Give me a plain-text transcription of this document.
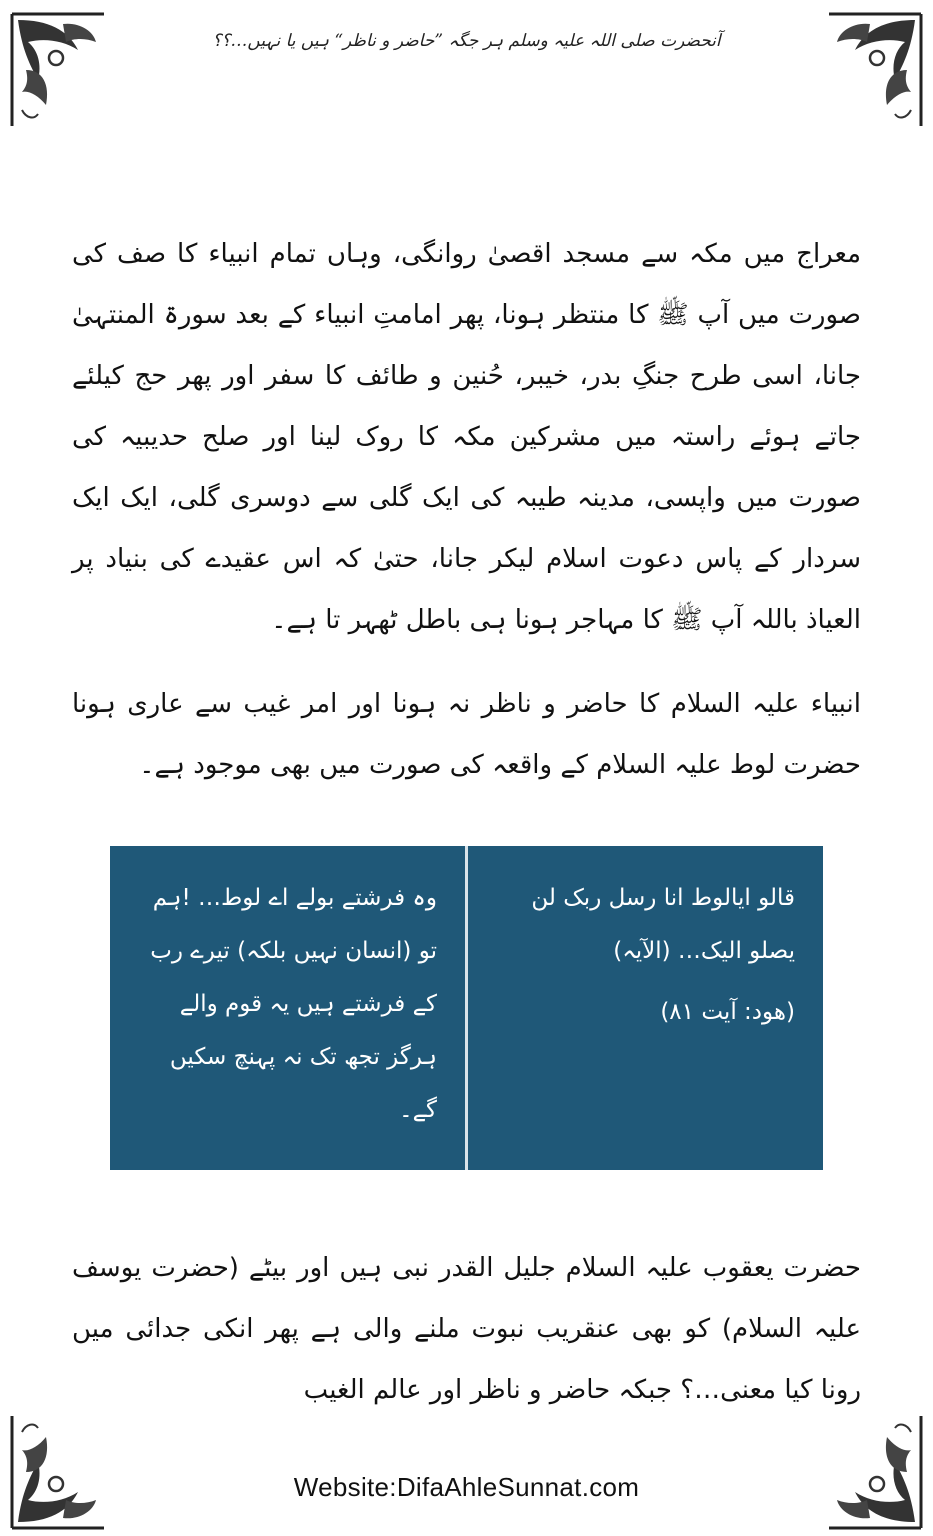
آنحضرت صلی اللہ علیہ وسلم ہر جگہ ”حاضر و ناظر“ ہیں یا نہیں…؟؟

معراج میں مکہ سے مسجد اقصیٰ روانگی، وہاں تمام انبیاء کا صف کی صورت میں آپ ﷺ کا منتظر ہونا، پھر امامتِ انبیاء کے بعد سورۃ المنتہیٰ جانا، اسی طرح جنگِ بدر، خیبر، حُنین و طائف کا سفر اور پھر حج کیلئے جاتے ہوئے راستہ میں مشرکین مکہ کا روک لینا اور صلح حدیبیہ کی صورت میں واپسی، مدینہ طیبہ کی ایک گلی سے دوسری گلی، ایک ایک سردار کے پاس دعوت اسلام لیکر جانا، حتیٰ کہ اس عقیدے کی بنیاد پر العیاذ باللہ آپ ﷺ کا مہاجر ہونا ہی باطل ٹھہر تا ہے۔

انبیاء علیہ السلام کا حاضر و ناظر نہ ہونا اور امر غیب سے عاری ہونا حضرت لوط علیہ السلام کے واقعہ کی صورت میں بھی موجود ہے۔

قالو ایالوط انا رسل ربک لن یصلو الیک… (الآیہ)

(ھود: آیت ۸۱)

وہ فرشتے بولے اے لوط… !ہم تو (انسان نہیں بلکہ) تیرے رب کے فرشتے ہیں یہ قوم والے ہرگز تجھ تک نہ پہنچ سکیں گے۔

حضرت یعقوب علیہ السلام جلیل القدر نبی ہیں اور بیٹے (حضرت یوسف علیہ السلام) کو بھی عنقریب نبوت ملنے والی ہے پھر انکی جدائی میں رونا کیا معنی…؟ جبکہ حاضر و ناظر اور عالم الغیب

Website:DifaAhleSunnat.com
